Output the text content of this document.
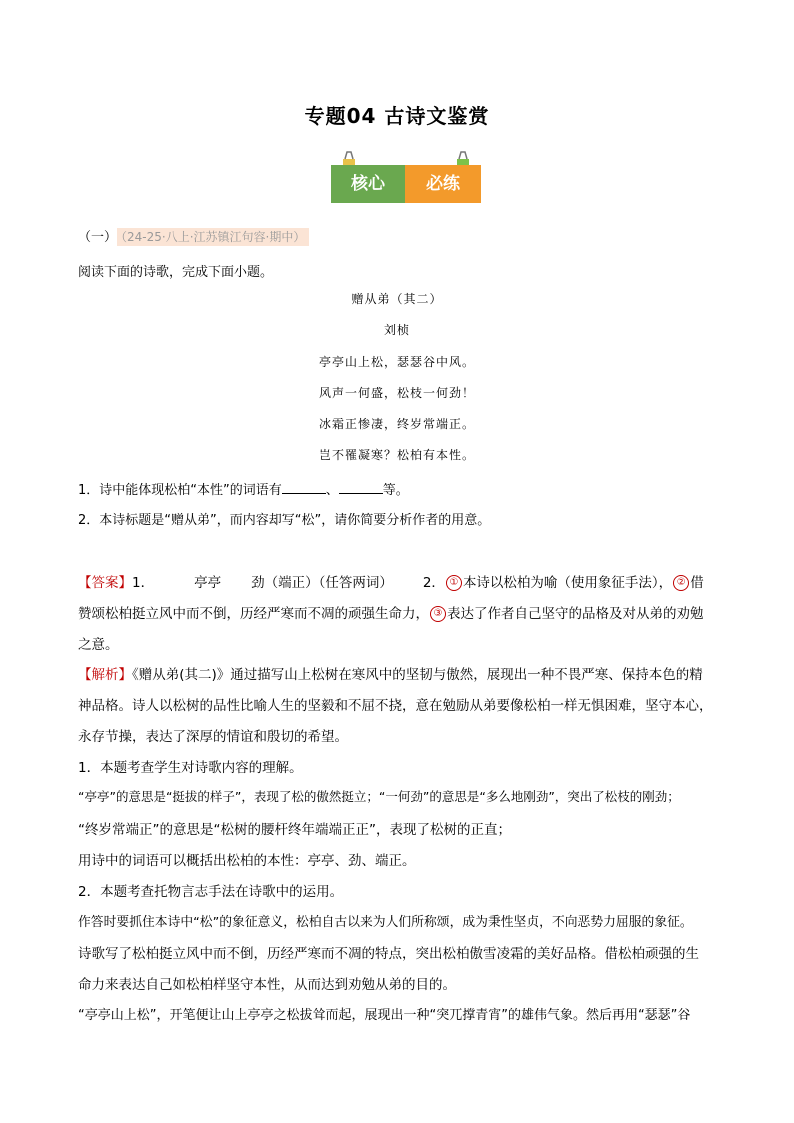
专题04 古诗文鉴赏
核心	必练
（一） （24-25·八上·江苏镇江句容·期中）
阅读下面的诗歌，完成下面小题。
赠从弟（其二）
刘桢
亭亭山上松，瑟瑟谷中风。
风声一何盛，松枝一何劲！
冰霜正惨凄，终岁常端正。
岂不罹凝寒？松柏有本性。
1．诗中能体现松柏“本性”的词语有	、	等。
2．本诗标题是“赠从弟”，而内容却写“松”，请你简要分析作者的用意。
【答案】1．	亭亭 劲（端正）（任答两词） 2． ① 本诗以松柏为喻（使用象征手法）， ② 借
赞颂松柏挺立风中而不倒，历经严寒而不凋的顽强生命力， ③ 表达了作者自己坚守的品格及对从弟的劝勉
之意。
【解析】《赠从弟(其二)》通过描写山上松树在寒风中的坚韧与傲然，展现出一种不畏严寒、保持本色的精
神品格。诗人以松树的品性比喻人生的坚毅和不屈不挠，意在勉励从弟要像松柏一样无惧困难，坚守本心，
永存节操，表达了深厚的情谊和殷切的希望。
1．本题考查学生对诗歌内容的理解。
“亭亭”的意思是“挺拔的样子”，表现了松的傲然挺立；“一何劲”的意思是“多么地刚劲”，突出了松枝的刚劲；
“终岁常端正”的意思是“松树的腰杆终年端端正正”，表现了松树的正直；
用诗中的词语可以概括出松柏的本性：亭亭、劲、端正。
2．本题考查托物言志手法在诗歌中的运用。
作答时要抓住本诗中“松”的象征意义，松柏自古以来为人们所称颂，成为秉性坚贞，不向恶势力屈服的象征。
诗歌写了松柏挺立风中而不倒，历经严寒而不凋的特点，突出松柏傲雪凌霜的美好品格。借松柏顽强的生
命力来表达自己如松柏样坚守本性，从而达到劝勉从弟的目的。
“亭亭山上松”，开笔便让山上亭亭之松拔耸而起，展现出一种“突兀撑青宵”的雄伟气象。然后再用“瑟瑟”谷
